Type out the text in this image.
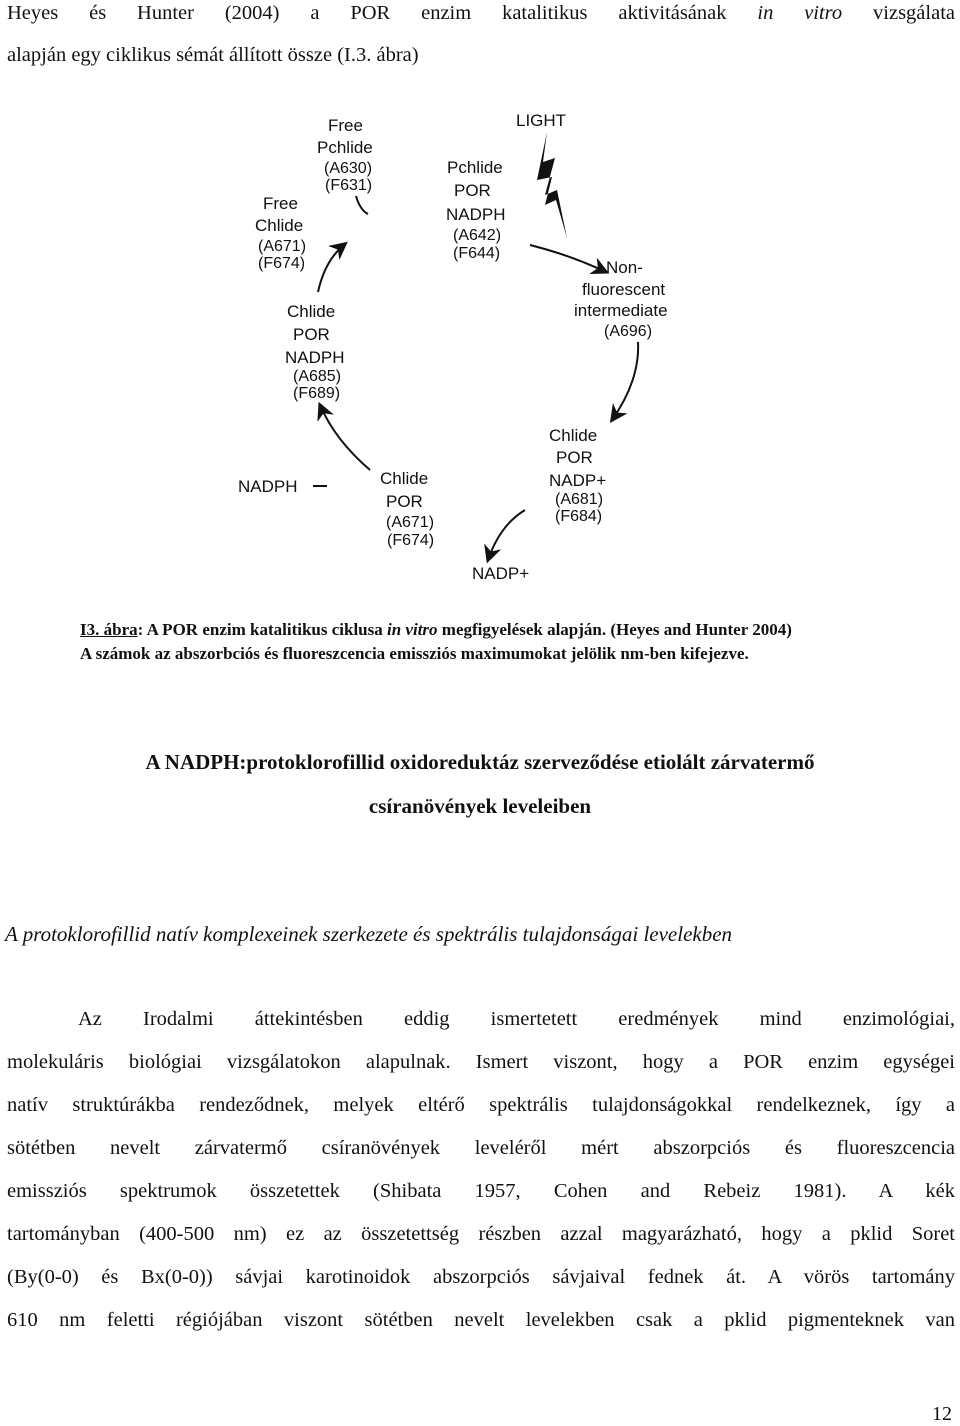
Heyes és Hunter (2004) a POR enzim katalitikus aktivitásának in vitro vizsgálata
alapján egy ciklikus sémát állított össze (I.3. ábra)
LIGHT
Free
Pchlide
(A630)
(F631)
Pchlide
POR
NADPH
(A642)
(F644)
Free
Chlide
(A671)
(F674)	Non-
fluorescent
intermediate
(A696)
Chlide
POR
NADPH
(A685)
(F689)
Chlide
POR
NADP+
(A681)
(F684)
NADPH	Chlide
POR
(A671)
(F674)
NADP+
I3. ábra: A POR enzim katalitikus ciklusa in vitro megfigyelések alapján. (Heyes and Hunter 2004)
A számok az abszorbciós és fluoreszcencia emissziós maximumokat jelölik nm-ben kifejezve.
A NADPH:protoklorofillid oxidoreduktáz szerveződése etiolált zárvatermő
csíranövények leveleiben
A protoklorofillid natív komplexeinek szerkezete és spektrális tulajdonságai levelekben
Az Irodalmi áttekintésben eddig ismertetett eredmények mind enzimológiai,
molekuláris biológiai vizsgálatokon alapulnak. Ismert viszont, hogy a POR enzim egységei
natív struktúrákba rendeződnek, melyek eltérő spektrális tulajdonságokkal rendelkeznek, így a
sötétben nevelt zárvatermő csíranövények leveléről mért abszorpciós és fluoreszcencia
emissziós spektrumok összetettek (Shibata 1957, Cohen and Rebeiz 1981). A kék
tartományban (400-500 nm) ez az összetettség részben azzal magyarázható, hogy a pklid Soret
(By(0-0) és Bx(0-0)) sávjai karotinoidok abszorpciós sávjaival fednek át. A vörös tartomány
610 nm feletti régiójában viszont sötétben nevelt levelekben csak a pklid pigmenteknek van
12
